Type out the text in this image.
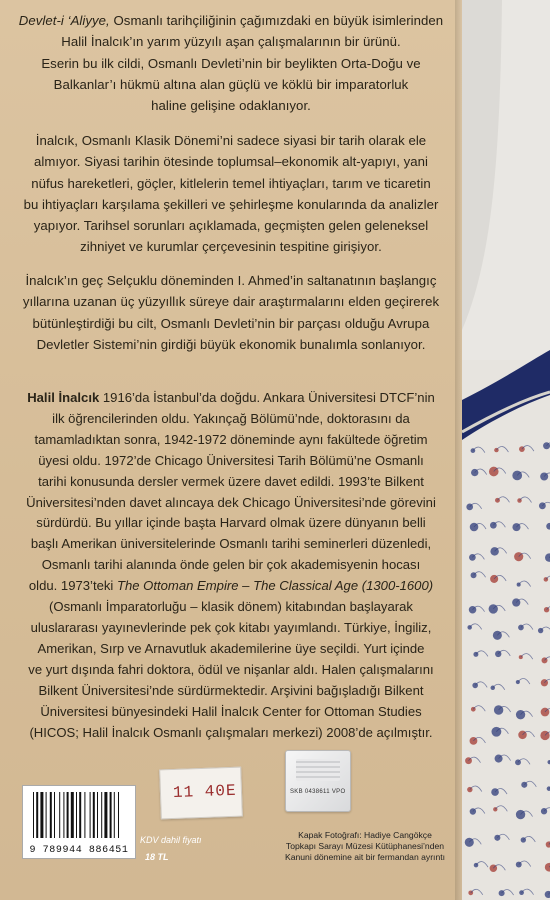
Devlet-i ‘Aliyye, Osmanlı tarihçiliğinin çağımızdaki en büyük isimlerinden

Halil İnalcık’ın yarım yüzyılı aşan çalışmalarının bir ürünü.

Eserin bu ilk cildi, Osmanlı Devleti’nin bir beylikten Orta-Doğu ve

Balkanlar’ı hükmü altına alan güçlü ve köklü bir imparatorluk

haline gelişine odaklanıyor.

İnalcık, Osmanlı Klasik Dönemi’ni sadece siyasi bir tarih olarak ele

almıyor. Siyasi tarihin ötesinde toplumsal–ekonomik alt-yapıyı, yani

nüfus hareketleri, göçler, kitlelerin temel ihtiyaçları, tarım ve ticaretin

bu ihtiyaçları karşılama şekilleri ve şehirleşme konularında da analizler

yapıyor. Tarihsel sorunları açıklamada, geçmişten gelen geleneksel

zihniyet ve kurumlar çerçevesinin tespitine girişiyor.

İnalcık’ın geç Selçuklu döneminden I. Ahmed’in saltanatının başlangıç

yıllarına uzanan üç yüzyıllık süreye dair araştırmalarını elden geçirerek

bütünleştirdiği bu cilt, Osmanlı Devleti’nin bir parçası olduğu Avrupa

Devletler Sistemi’nin girdiği büyük ekonomik bunalımla sonlanıyor.

Halil İnalcık 1916’da İstanbul’da doğdu. Ankara Üniversitesi DTCF’nin

ilk öğrencilerinden oldu. Yakınçağ Bölümü’nde, doktorasını da

tamamladıktan sonra, 1942-1972 döneminde aynı fakültede öğretim

üyesi oldu. 1972’de Chicago Üniversitesi Tarih Bölümü’ne Osmanlı

tarihi konusunda dersler vermek üzere davet edildi. 1993’te Bilkent

Üniversitesi’nden davet alıncaya dek Chicago Üniversitesi’nde görevini

sürdürdü. Bu yıllar içinde başta Harvard olmak üzere dünyanın belli

başlı Amerikan üniversitelerinde Osmanlı tarihi seminerleri düzenledi,

Osmanlı tarihi alanında önde gelen bir çok akademisyenin hocası

oldu. 1973’teki The Ottoman Empire – The Classical Age (1300-1600)

(Osmanlı İmparatorluğu – klasik dönem) kitabından başlayarak

uluslararası yayınevlerinde pek çok kitabı yayımlandı. Türkiye, İngiliz,

Amerikan, Sırp ve Arnavutluk akademilerine üye seçildi. Yurt içinde

ve yurt dışında fahri doktora, ödül ve nişanlar aldı. Halen çalışmalarını

Bilkent Üniversitesi’nde sürdürmektedir. Arşivini bağışladığı Bilkent

Üniversitesi bünyesindeki Halil İnalcık Center for Ottoman Studies

(HICOS; Halil İnalcık Osmanlı çalışmaları merkezi) 2008’de açılmıştır.

9 789944 886451
KDV dahil fiyatı
18 TL
11 40E	SKB 0438611 VPO

Kapak Fotoğrafı: Hadiye Cangökçe

Topkapı Sarayı Müzesi Kütüphanesi’nden

Kanuni dönemine ait bir fermandan ayrıntı
